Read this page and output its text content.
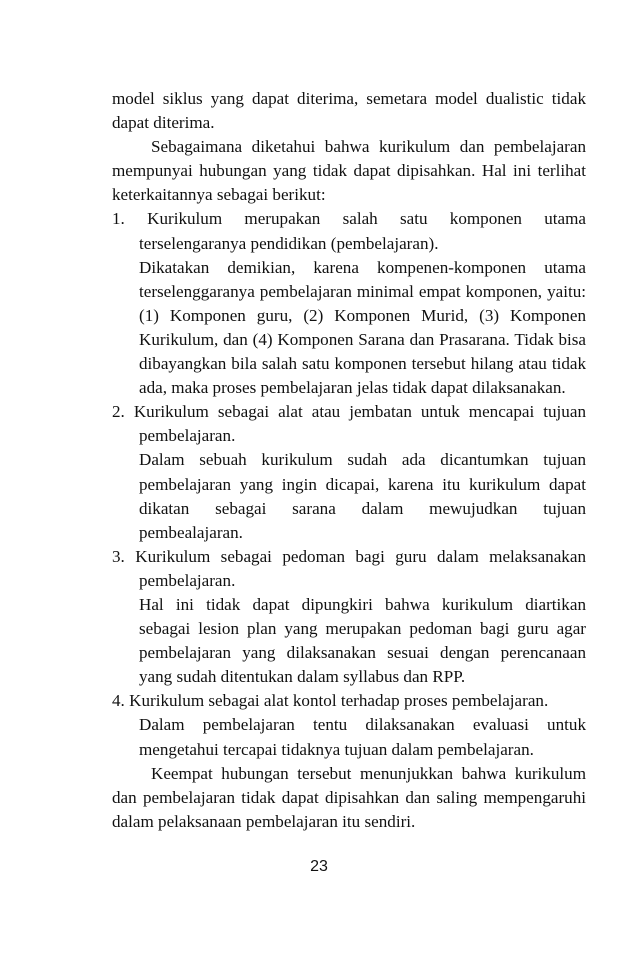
model siklus yang dapat diterima, semetara model dualistic tidak dapat diterima.

Sebagaimana diketahui bahwa kurikulum dan pembelajaran mempunyai hubungan yang tidak dapat dipisahkan. Hal ini terlihat keterkaitannya sebagai berikut:

1. Kurikulum merupakan salah satu komponen utama terselengaranya pendidikan (pembelajaran).

Dikatakan demikian, karena kompenen-komponen utama terselenggaranya pembelajaran minimal empat komponen, yaitu: (1) Komponen guru, (2) Komponen Murid, (3) Komponen Kurikulum, dan (4) Komponen Sarana dan Prasarana. Tidak bisa dibayangkan bila salah satu komponen tersebut hilang atau tidak ada, maka proses pembelajaran jelas tidak dapat dilaksanakan.

2. Kurikulum sebagai alat atau jembatan untuk mencapai tujuan pembelajaran.

Dalam sebuah kurikulum sudah ada dicantumkan tujuan pembelajaran yang ingin dicapai, karena itu kurikulum dapat dikatan sebagai sarana dalam mewujudkan tujuan pembealajaran.

3. Kurikulum sebagai pedoman bagi guru dalam melaksanakan pembelajaran.

Hal ini tidak dapat dipungkiri bahwa kurikulum diartikan sebagai lesion plan yang merupakan pedoman bagi guru agar pembelajaran yang dilaksanakan sesuai dengan perencanaan yang sudah ditentukan dalam syllabus dan RPP.

4. Kurikulum sebagai alat kontol terhadap proses pembelajaran.

Dalam pembelajaran tentu dilaksanakan evaluasi untuk mengetahui tercapai tidaknya tujuan dalam pembelajaran.

Keempat hubungan tersebut menunjukkan bahwa kurikulum dan pembelajaran tidak dapat dipisahkan dan saling mempengaruhi dalam pelaksanaan pembelajaran itu sendiri.

23
